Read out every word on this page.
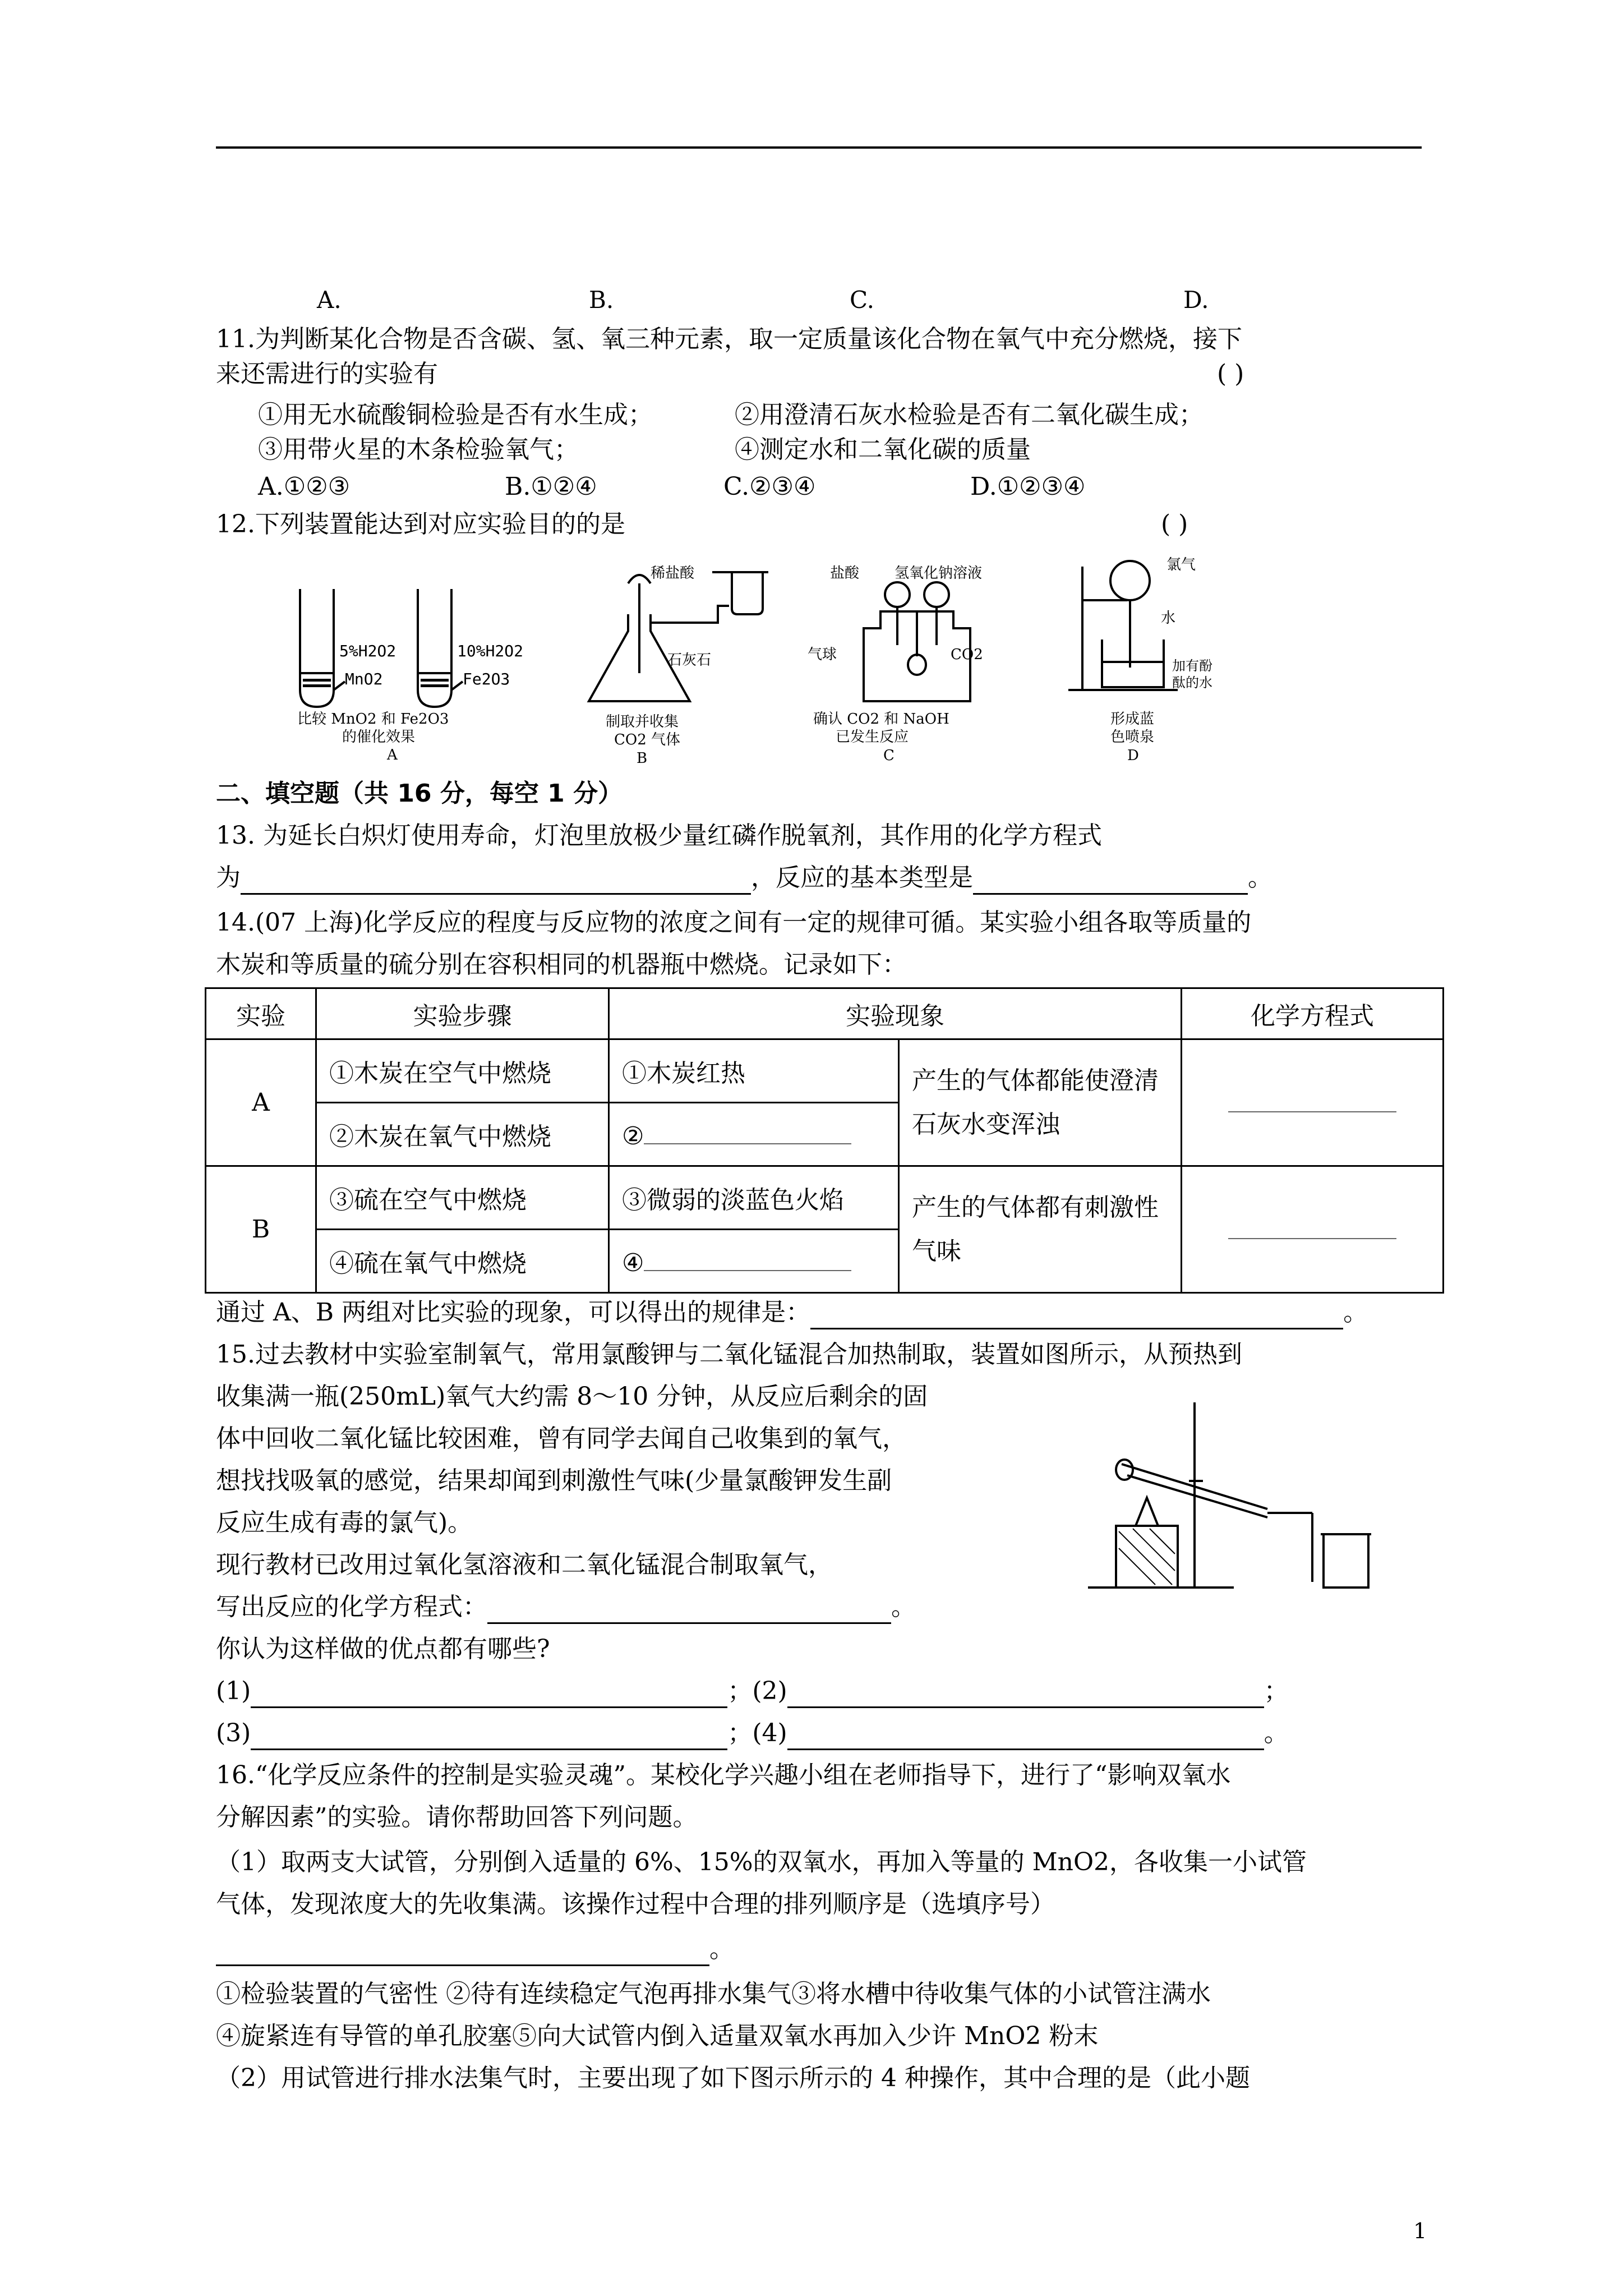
A.	B.	C.	D.
11.为判断某化合物是否含碳、氢、氧三种元素，取一定质量该化合物在氧气中充分燃烧，接下
来还需进行的实验有	( )
①用无水硫酸铜检验是否有水生成；	②用澄清石灰水检验是否有二氧化碳生成；
③用带火星的木条检验氧气；	④测定水和二氧化碳的质量
A.①②③	B.①②④	C.②③④	D.①②③④
12.下列装置能达到对应实验目的的是	( )
5%H2O2
MnO2
10%H2O2
Fe2O3
比较 MnO2 和 Fe2O3
的催化效果
A
稀盐酸
石灰石
制取并收集
CO2 气体
B
盐酸 氢氧化钠溶液
气球	CO2
确认 CO2 和 NaOH
已发生反应
C
氯气
水
加有酚
酞的水
形成蓝
色喷泉
D
二、填空题（共 16 分，每空 1 分）
13. 为延长白炽灯使用寿命，灯泡里放极少量红磷作脱氧剂，其作用的化学方程式
为	，反应的基本类型是	。
14.(07 上海)化学反应的程度与反应物的浓度之间有一定的规律可循。某实验小组各取等质量的
木炭和等质量的硫分别在容积相同的机器瓶中燃烧。记录如下：
实验	实验步骤	实验现象		化学方程式
A	①木炭在空气中燃烧	①木炭红热	产生的气体都能使澄清石灰水变浑浊	
	②木炭在氧气中燃烧	②		
B	③硫在空气中燃烧	③微弱的淡蓝色火焰	产生的气体都有刺激性气味	
	④硫在氧气中燃烧	④		
通过 A、B 两组对比实验的现象，可以得出的规律是：	。
15.过去教材中实验室制氧气，常用氯酸钾与二氧化锰混合加热制取，装置如图所示，从预热到
收集满一瓶(250mL)氧气大约需 8～10 分钟，从反应后剩余的固
体中回收二氧化锰比较困难，曾有同学去闻自己收集到的氧气，
想找找吸氧的感觉，结果却闻到刺激性气味(少量氯酸钾发生副
反应生成有毒的氯气)。
现行教材已改用过氧化氢溶液和二氧化锰混合制取氧气，
写出反应的化学方程式：	。
你认为这样做的优点都有哪些?
(1)	；(2)	；
(3)	；(4)	。
16.“化学反应条件的控制是实验灵魂”。某校化学兴趣小组在老师指导下，进行了“影响双氧水
分解因素”的实验。请你帮助回答下列问题。
（1）取两支大试管，分别倒入适量的 6%、15%的双氧水，再加入等量的 MnO2，各收集一小试管
气体，发现浓度大的先收集满。该操作过程中合理的排列顺序是（选填序号）
。
①检验装置的气密性 ②待有连续稳定气泡再排水集气③将水槽中待收集气体的小试管注满水
④旋紧连有导管的单孔胶塞⑤向大试管内倒入适量双氧水再加入少许 MnO2 粉末
（2）用试管进行排水法集气时，主要出现了如下图示所示的 4 种操作，其中合理的是（此小题
1
